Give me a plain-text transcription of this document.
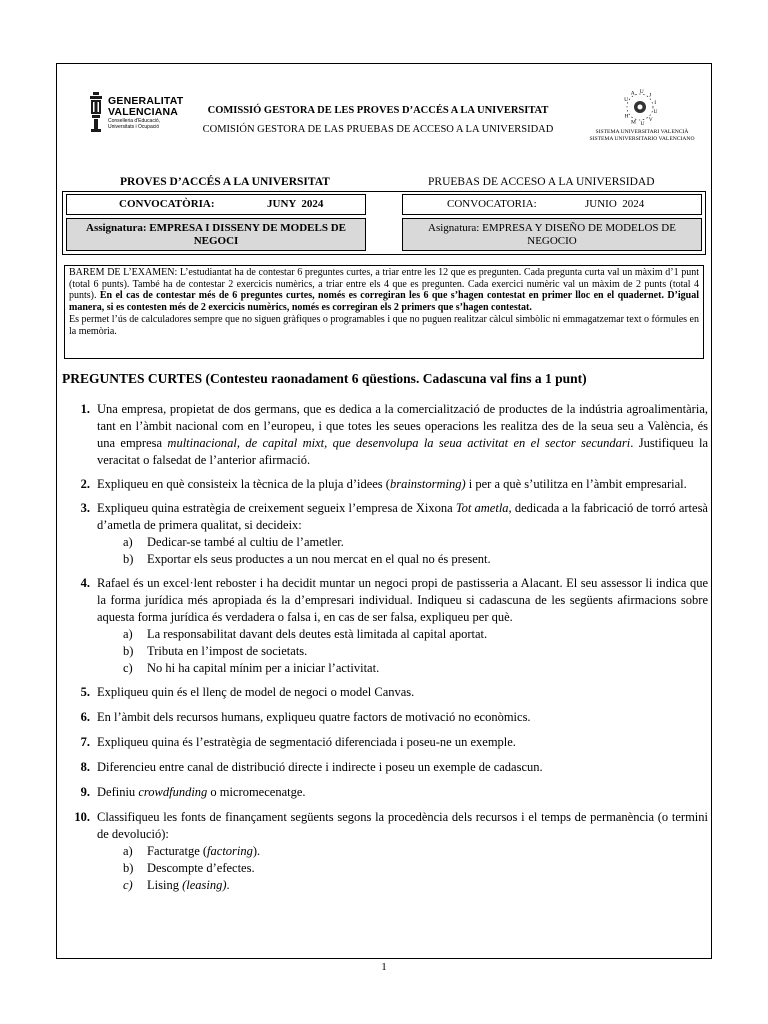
GENERALITAT
VALENCIANA
Conselleria d'Educació,
Universitats i Ocupació
COMISSIÓ GESTORA DE LES PROVES D’ACCÉS A LA UNIVERSITAT
COMISIÓN GESTORA DE LAS PRUEBAS DE ACCESO A LA UNIVERSIDAD
U
A U
J
I
U
V
U
M
H
SISTEMA UNIVERSITARI VALENCIÀ
SISTEMA UNIVERSITARIO VALENCIANO
PROVES D’ACCÉS A LA UNIVERSITAT	PRUEBAS DE ACCESO A LA UNIVERSIDAD
CONVOCATÒRIA:	JUNY  2024	CONVOCATORIA:	JUNIO  2024
Assignatura: EMPRESA I DISSENY DE MODELS DE NEGOCI
Asignatura: EMPRESA Y DISEÑO DE MODELOS DE NEGOCIO

BAREM DE L’EXAMEN: L’estudiantat ha de contestar 6 preguntes curtes, a triar entre les 12 que es pregunten. Cada pregunta curta val un màxim d’1 punt (total 6 punts). També ha de contestar 2 exercicis numèrics, a triar entre els 4 que es pregunten. Cada exercici numèric val un màxim de 2 punts (total 4 punts). En el cas de contestar més de 6 preguntes curtes, només es corregiran les 6 que s’hagen contestat en primer lloc en el quadernet. D’igual manera, si es contesten més de 2 exercicis numèrics, només es corregiran els 2 primers que s’hagen contestat.

Es permet l’ús de calculadores sempre que no siguen gràfiques o programables i que no puguen realitzar càlcul simbòlic ni emmagatzemar text o fórmules en la memòria.

PREGUNTES CURTES (Contesteu raonadament 6 qüestions. Cadascuna val fins a 1 punt)
1. Una empresa, propietat de dos germans, que es dedica a la comercialització de productes de la indústria agroalimentària, tant en l’àmbit nacional com en l’europeu, i que totes les seues operacions les realitza des de la seua seu a València, és una empresa multinacional, de capital mixt, que desenvolupa la seua activitat en el sector secundari. Justifiqueu la veracitat o falsedat de l’anterior afirmació.
2. Expliqueu en què consisteix la tècnica de la pluja d’idees (brainstorming) i per a què s’utilitza en l’àmbit empresarial.
3. Expliqueu quina estratègia de creixement segueix l’empresa de Xixona Tot ametla, dedicada a la fabricació de torró artesà d’ametla de primera qualitat, si decideix:
a) Dedicar-se també al cultiu de l’ametler.
b) Exportar els seus productes a un nou mercat en el qual no és present.
4. Rafael és un excel·lent reboster i ha decidit muntar un negoci propi de pastisseria a Alacant. El seu assessor li indica que la forma jurídica més apropiada és la d’empresari individual. Indiqueu si cadascuna de les següents afirmacions sobre aquesta forma jurídica és verdadera o falsa i, en cas de ser falsa, expliqueu per què.
a) La responsabilitat davant dels deutes està limitada al capital aportat.
b) Tributa en l’impost de societats.
c) No hi ha capital mínim per a iniciar l’activitat.
5. Expliqueu quin és el llenç de model de negoci o model Canvas.
6. En l’àmbit dels recursos humans, expliqueu quatre factors de motivació no econòmics.
7. Expliqueu quina és l’estratègia de segmentació diferenciada i poseu-ne un exemple.
8. Diferencieu entre canal de distribució directe i indirecte i poseu un exemple de cadascun.
9. Definiu crowdfunding o micromecenatge.
10. Classifiqueu les fonts de finançament següents segons la procedència dels recursos i el temps de permanència (o termini de devolució):
a) Facturatge (factoring).
b) Descompte d’efectes.
c) Lising (leasing).
1
